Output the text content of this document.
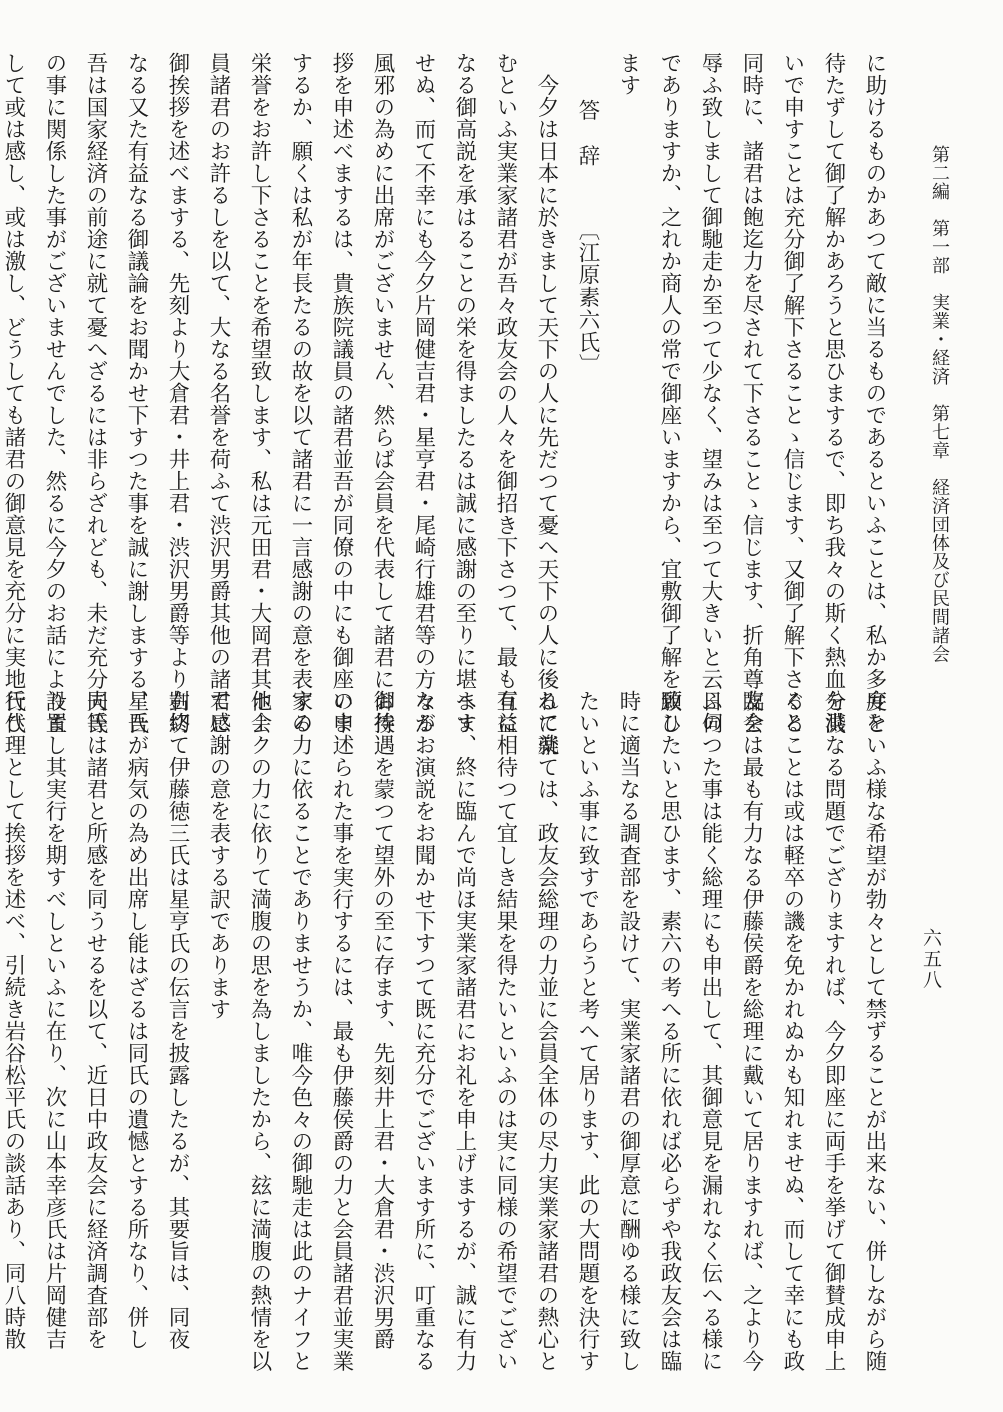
第二編　第一部　実業・経済　第七章　経済団体及び民間諸会
六五八
に助けるものかあつて敵に当るものであるといふことは、私か多弁を
待たずして御了解かあろうと思ひまするで、即ち我々の斯く熱血を濺
いで申すことは充分御了解下さることゝ信じます、又御了解下さると
同時に、諸君は飽迄力を尽されて下さることゝ信じます、折角尊臨を
辱ふ致しまして御馳走か至つて少なく、望みは至つて大きいと云ふの
でありますか、之れか商人の常で御座いますから、宜敷御了解を願ひ
ます
答　辞〔江原素六氏〕
今夕は日本に於きまして天下の人に先だつて憂へ天下の人に後れて楽
むといふ実業家諸君が吾々政友会の人々を御招き下さつて、最も有益
なる御高説を承はることの栄を得ましたるは誠に感謝の至りに堪へま
せぬ、而て不幸にも今夕片岡健吉君・星亨君・尾崎行雄君等の方々が
風邪の為めに出席がございません、然らば会員を代表して諸君に御挨
拶を申述べまするは、貴族院議員の諸君並吾が同僚の中にも御座いま
するか、願くは私が年長たるの故を以て諸君に一言感謝の意を表する
栄誉をお許し下さることを希望致します、私は元田君・大岡君其他会
員諸君のお許るしを以て、大なる名誉を荷ふて渋沢男爵其他の諸君に
御挨拶を述べまする、先刻より大倉君・井上君・渋沢男爵等より剴切
なる又た有益なる御議論をお聞かせ下すつた事を誠に謝しまする、吾
吾は国家経済の前途に就て憂へざるには非らざれども、未だ充分夫等
の事に関係した事がございませんでした、然るに今夕のお話によりま
して或は感し、或は激し、どうしても諸君の御意見を充分に実地行ひ
度といふ様な希望が勃々として禁ずることが出来ない、併しながら随
分洪なる問題でござりますれば、今夕即座に両手を挙げて御賛成申上
ぐることは或は軽卒の譏を免かれぬかも知れませぬ、而して幸にも政
友会は最も有力なる伊藤侯爵を総理に戴いて居りますれば、之より今
日伺つた事は能く総理にも申出して、其御意見を漏れなく伝へる様に
致したいと思ひます、素六の考へる所に依れば必らずや我政友会は臨
時に適当なる調査部を設けて、実業家諸君の御厚意に酬ゆる様に致し
たいといふ事に致すであらうと考へて居ります、此の大問題を決行す
るに就ては、政友会総理の力並に会員全体の尽力実業家諸君の熱心と
互に相待つて宜しき結果を得たいといふのは実に同様の希望でござい
ます、終に臨んで尚ほ実業家諸君にお礼を申上げまするが、誠に有力
なるお演説をお聞かせ下すつて既に充分でございます所に、叮重なる
お待遇を蒙つて望外の至に存ます、先刻井上君・大倉君・渋沢男爵
の申述られた事を実行するには、最も伊藤侯爵の力と会員諸君並実業
家の力に依ることでありませうか、唯今色々の御馳走は此のナイフと
ホークの力に依りて満腹の思を為しましたから、玆に満腹の熱情を以
て感謝の意を表する訳であります
右終て伊藤徳三氏は星亨氏の伝言を披露したるが、其要旨は、同夜
星氏が病気の為め出席し能はざるは同氏の遺憾とする所なり、併し
同氏は諸君と所感を同うせるを以て、近日中政友会に経済調査部を
設置し其実行を期すべしといふに在り、次に山本幸彦氏は片岡健吉
氏代理として挨拶を述べ、引続き岩谷松平氏の談話あり、同八時散
